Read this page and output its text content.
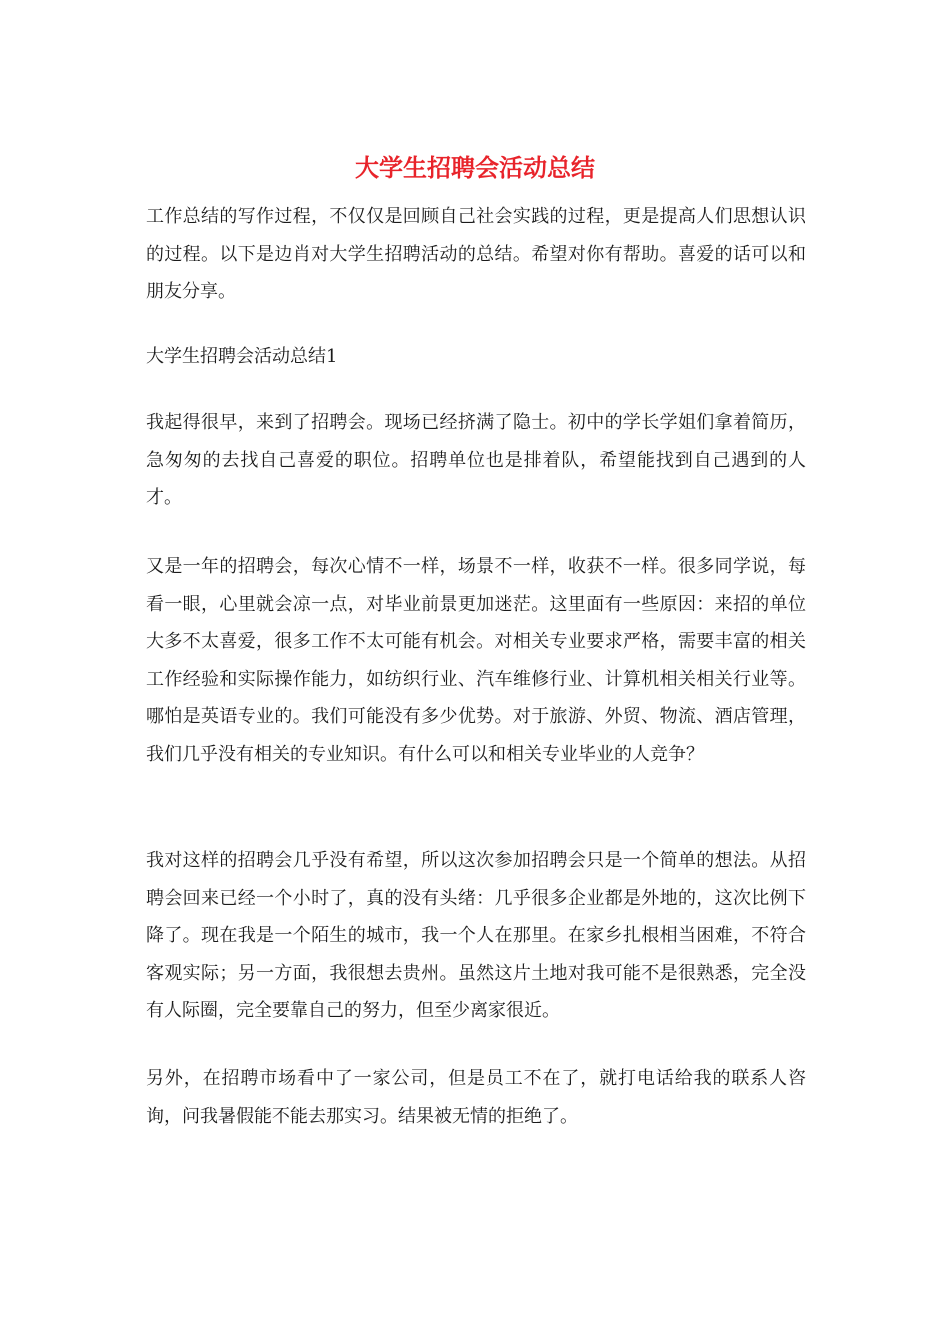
大学生招聘会活动总结

工作总结的写作过程，不仅仅是回顾自己社会实践的过程，更是提高人们思想认识的过程。以下是边肖对大学生招聘活动的总结。希望对你有帮助。喜爱的话可以和朋友分享。

大学生招聘会活动总结1

我起得很早，来到了招聘会。现场已经挤满了隐士。初中的学长学姐们拿着简历，急匆匆的去找自己喜爱的职位。招聘单位也是排着队，希望能找到自己遇到的人才。

又是一年的招聘会，每次心情不一样，场景不一样，收获不一样。很多同学说，每看一眼，心里就会凉一点，对毕业前景更加迷茫。这里面有一些原因：来招的单位大多不太喜爱，很多工作不太可能有机会。对相关专业要求严格，需要丰富的相关工作经验和实际操作能力，如纺织行业、汽车维修行业、计算机相关相关行业等。哪怕是英语专业的。我们可能没有多少优势。对于旅游、外贸、物流、酒店管理，我们几乎没有相关的专业知识。有什么可以和相关专业毕业的人竞争？

我对这样的招聘会几乎没有希望，所以这次参加招聘会只是一个简单的想法。从招聘会回来已经一个小时了，真的没有头绪：几乎很多企业都是外地的，这次比例下降了。现在我是一个陌生的城市，我一个人在那里。在家乡扎根相当困难，不符合客观实际；另一方面，我很想去贵州。虽然这片土地对我可能不是很熟悉，完全没有人际圈，完全要靠自己的努力，但至少离家很近。

另外，在招聘市场看中了一家公司，但是员工不在了，就打电话给我的联系人咨询，问我暑假能不能去那实习。结果被无情的拒绝了。
